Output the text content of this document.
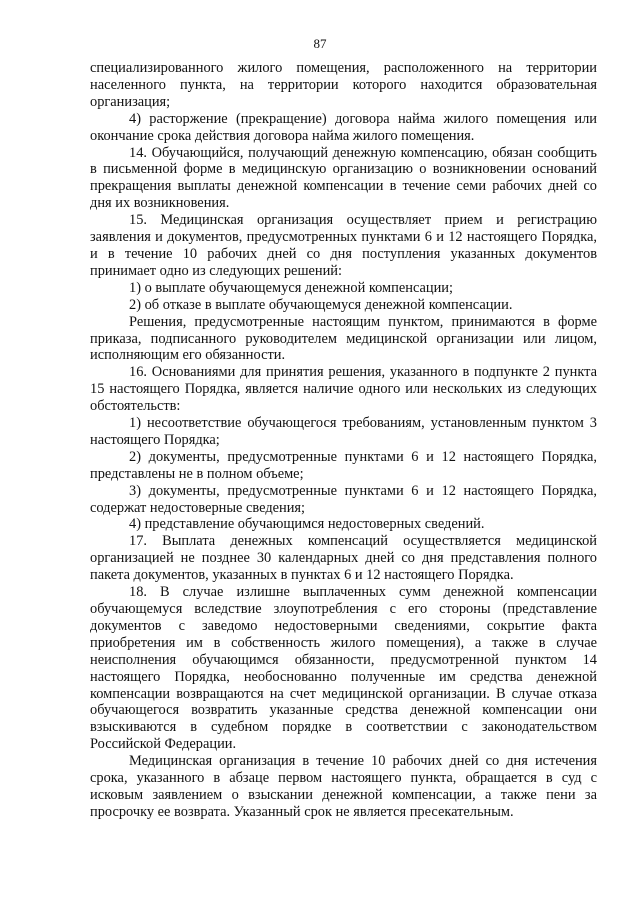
87

специализированного жилого помещения, расположенного на территории населенного пункта, на территории которого находится образовательная организация;

4) расторжение (прекращение) договора найма жилого помещения или окончание срока действия договора найма жилого помещения.

14. Обучающийся, получающий денежную компенсацию, обязан сообщить в письменной форме в медицинскую организацию о возникновении оснований прекращения выплаты денежной компенсации в течение семи рабочих дней со дня их возникновения.

15. Медицинская организация осуществляет прием и регистрацию заявления и документов, предусмотренных пунктами 6 и 12 настоящего Порядка, и в течение 10 рабочих дней со дня поступления указанных документов принимает одно из следующих решений:

1) о выплате обучающемуся денежной компенсации;

2) об отказе в выплате обучающемуся денежной компенсации.

Решения, предусмотренные настоящим пунктом, принимаются в форме приказа, подписанного руководителем медицинской организации или лицом, исполняющим его обязанности.

16. Основаниями для принятия решения, указанного в подпункте 2 пункта 15 настоящего Порядка, является наличие одного или нескольких из следующих обстоятельств:

1) несоответствие обучающегося требованиям, установленным пунктом 3 настоящего Порядка;

2) документы, предусмотренные пунктами 6 и 12 настоящего Порядка, представлены не в полном объеме;

3) документы, предусмотренные пунктами 6 и 12 настоящего Порядка, содержат недостоверные сведения;

4) представление обучающимся недостоверных сведений.

17. Выплата денежных компенсаций осуществляется медицинской организацией не позднее 30 календарных дней со дня представления полного пакета документов, указанных в пунктах 6 и 12 настоящего Порядка.

18. В случае излишне выплаченных сумм денежной компенсации обучающемуся вследствие злоупотребления с его стороны (представление документов с заведомо недостоверными сведениями, сокрытие факта приобретения им в собственность жилого помещения), а также в случае неисполнения обучающимся обязанности, предусмотренной пунктом 14 настоящего Порядка, необоснованно полученные им средства денежной компенсации возвращаются на счет медицинской организации. В случае отказа обучающегося возвратить указанные средства денежной компенсации они взыскиваются в судебном порядке в соответствии с законодательством Российской Федерации.

Медицинская организация в течение 10 рабочих дней со дня истечения срока, указанного в абзаце первом настоящего пункта, обращается в суд с исковым заявлением о взыскании денежной компенсации, а также пени за просрочку ее возврата. Указанный срок не является пресекательным.
